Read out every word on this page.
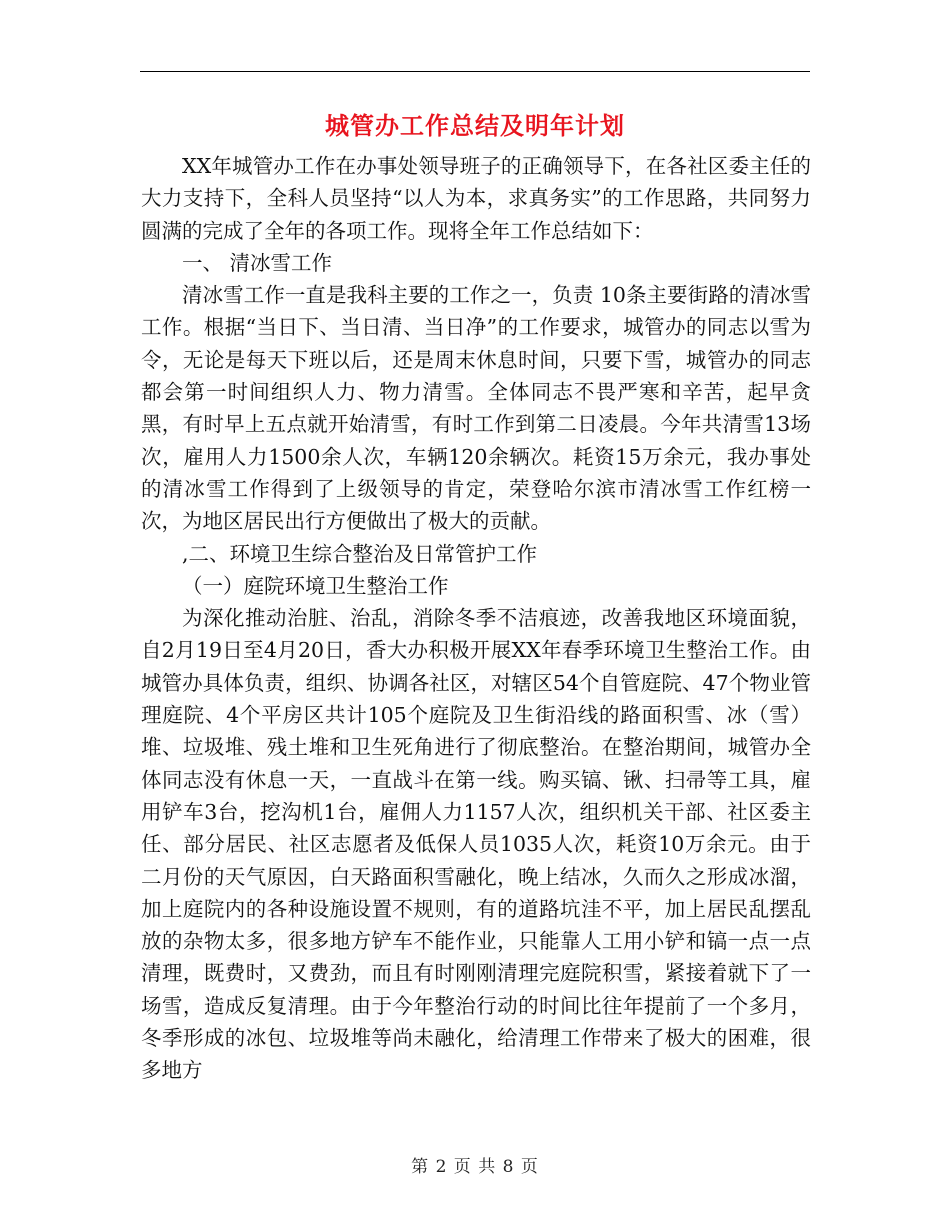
城管办工作总结及明年计划

XX年城管办工作在办事处领导班子的正确领导下，在各社区委主任的大力支持下，全科人员坚持“以人为本，求真务实”的工作思路，共同努力圆满的完成了全年的各项工作。现将全年工作总结如下：

一、 清冰雪工作

清冰雪工作一直是我科主要的工作之一，负责 10条主要街路的清冰雪工作。根据“当日下、当日清、当日净”的工作要求，城管办的同志以雪为令，无论是每天下班以后，还是周末休息时间，只要下雪，城管办的同志都会第一时间组织人力、物力清雪。全体同志不畏严寒和辛苦，起早贪黑，有时早上五点就开始清雪，有时工作到第二日凌晨。今年共清雪13场次，雇用人力1500余人次，车辆120余辆次。耗资15万余元，我办事处的清冰雪工作得到了上级领导的肯定，荣登哈尔滨市清冰雪工作红榜一次，为地区居民出行方便做出了极大的贡献。

,二、环境卫生综合整治及日常管护工作

（一）庭院环境卫生整治工作

为深化推动治脏、治乱，消除冬季不洁痕迹，改善我地区环境面貌，自2月19日至4月20日，香大办积极开展XX年春季环境卫生整治工作。由城管办具体负责，组织、协调各社区，对辖区54个自管庭院、47个物业管理庭院、4个平房区共计105个庭院及卫生街沿线的路面积雪、冰（雪）堆、垃圾堆、残土堆和卫生死角进行了彻底整治。在整治期间，城管办全体同志没有休息一天，一直战斗在第一线。购买镐、锹、扫帚等工具，雇用铲车3台，挖沟机1台，雇佣人力1157人次，组织机关干部、社区委主任、部分居民、社区志愿者及低保人员1035人次，耗资10万余元。由于二月份的天气原因，白天路面积雪融化，晚上结冰，久而久之形成冰溜，加上庭院内的各种设施设置不规则，有的道路坑洼不平，加上居民乱摆乱放的杂物太多，很多地方铲车不能作业，只能靠人工用小铲和镐一点一点清理，既费时，又费劲，而且有时刚刚清理完庭院积雪，紧接着就下了一场雪，造成反复清理。由于今年整治行动的时间比往年提前了一个多月，冬季形成的冰包、垃圾堆等尚未融化，给清理工作带来了极大的困难，很多地方

第 2 页 共 8 页
